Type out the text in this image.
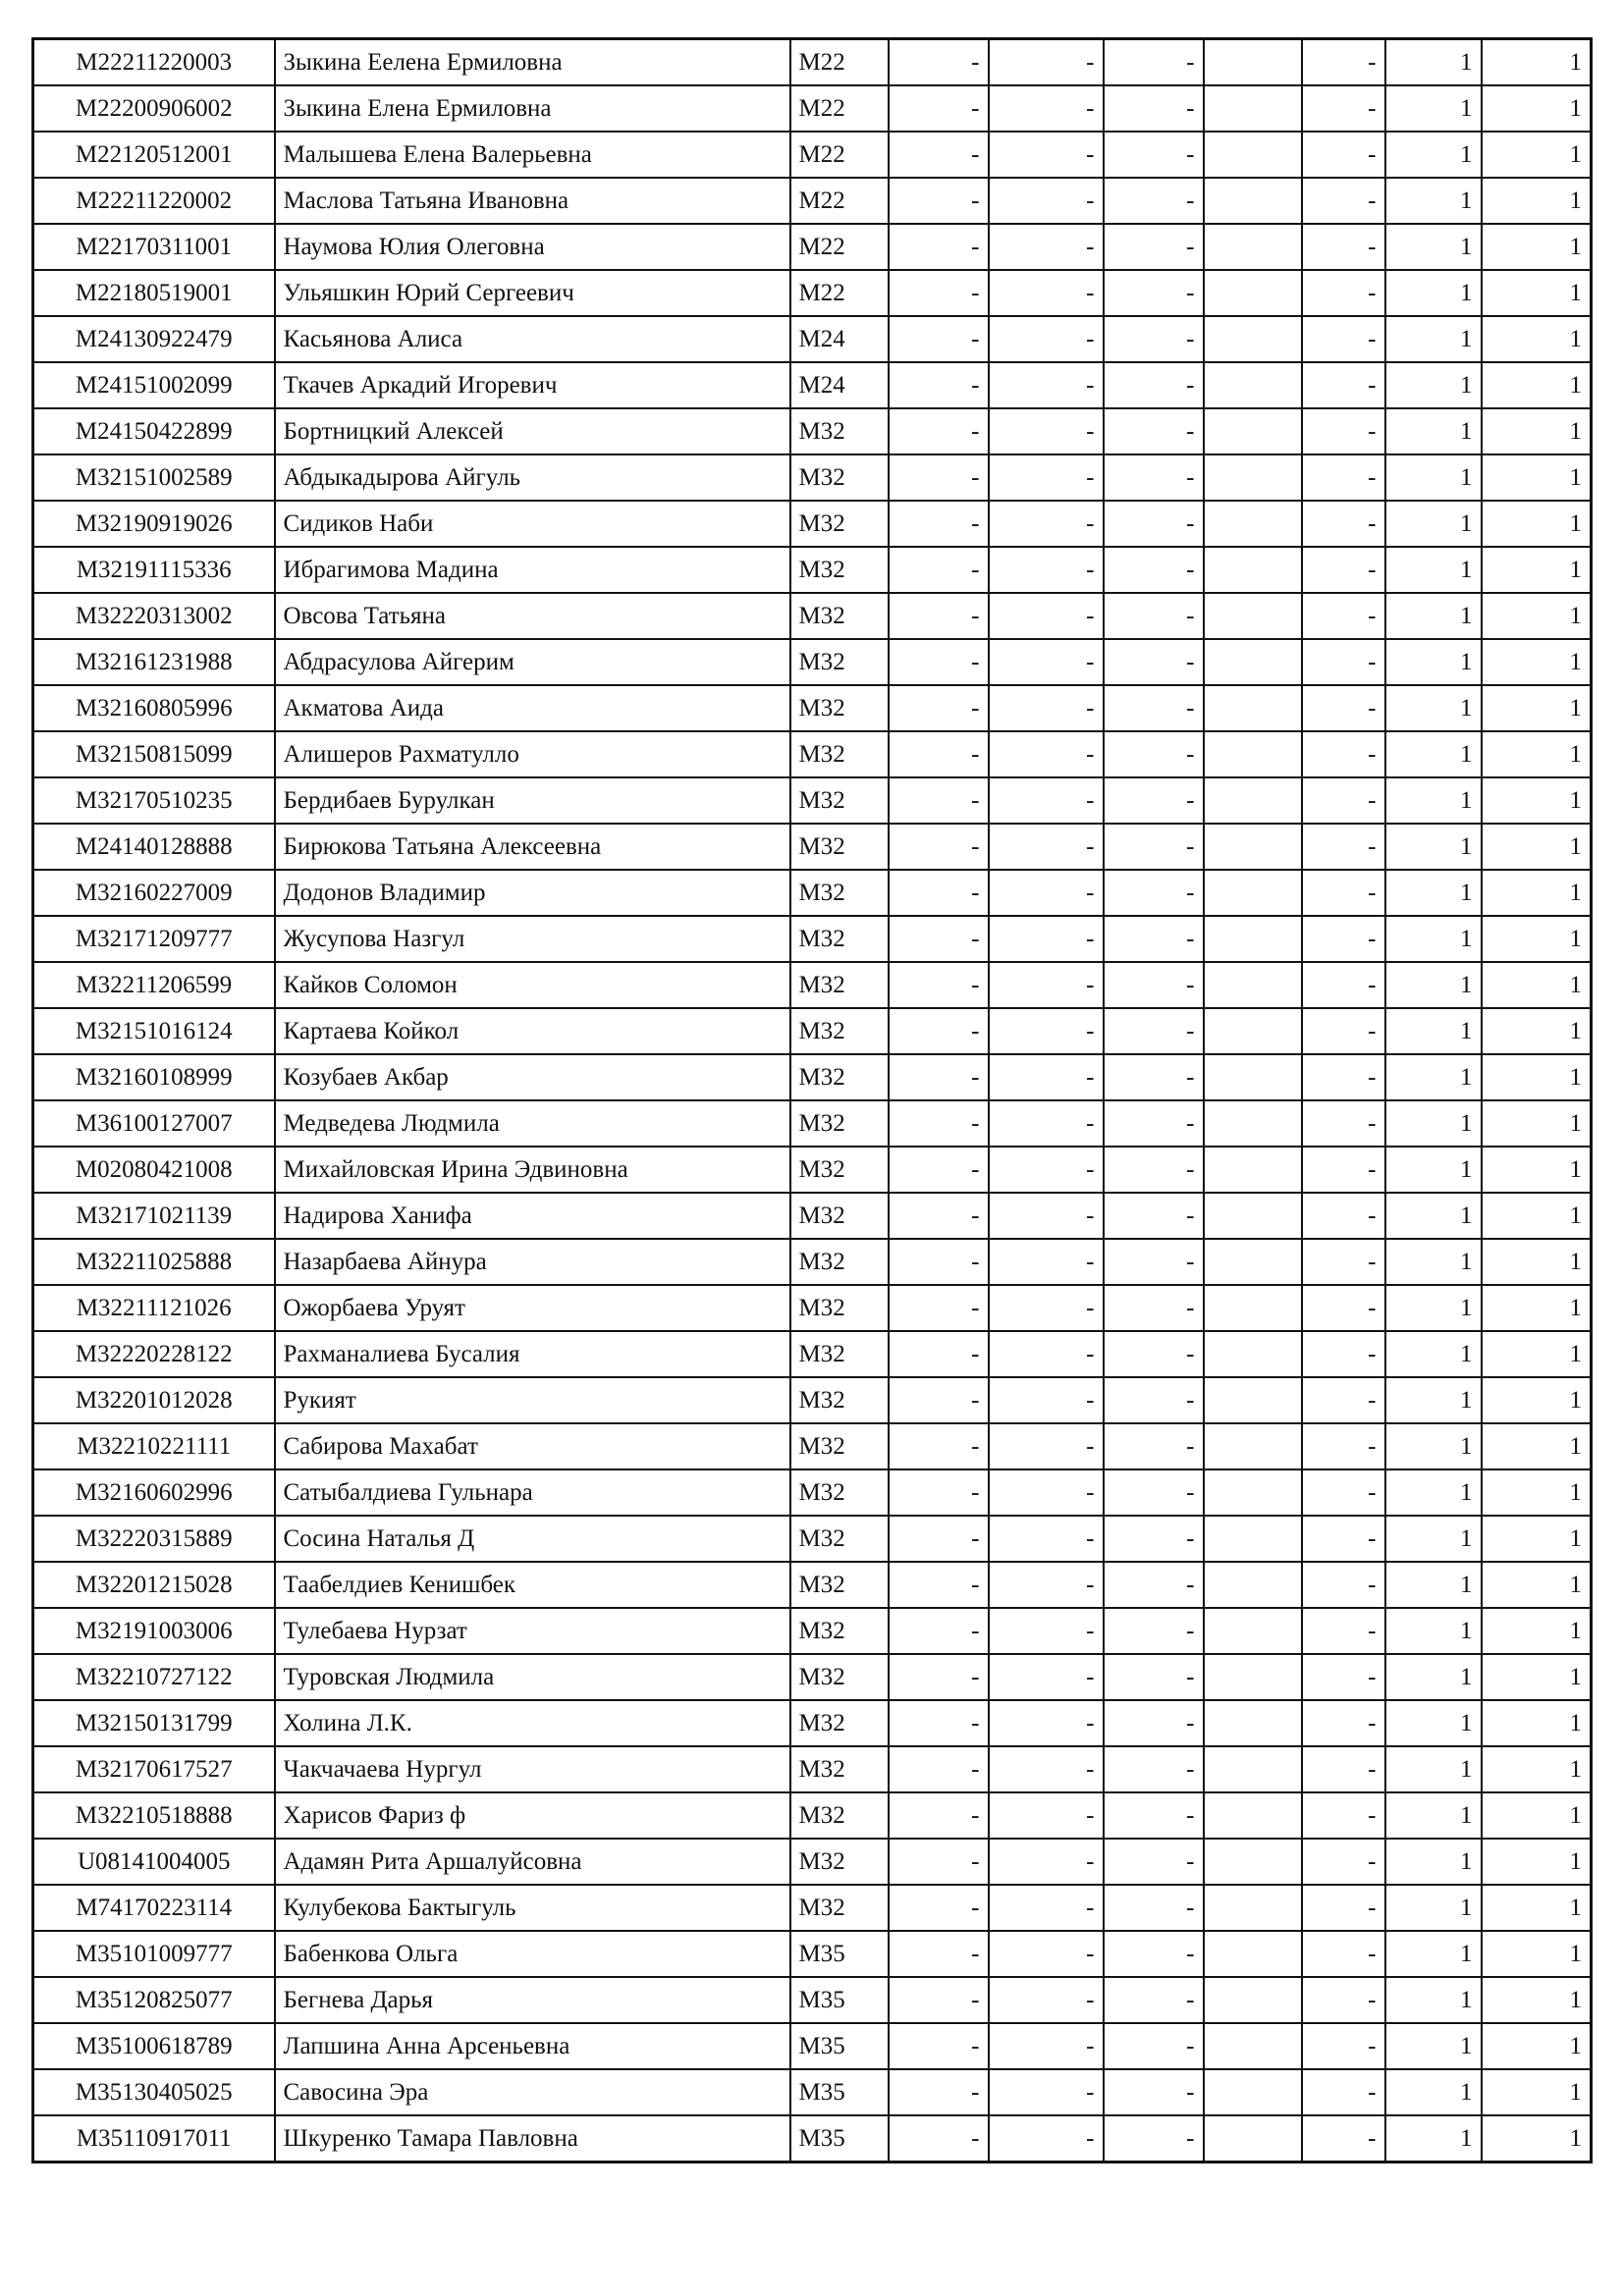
M22211220003	Зыкина Еелена Ермиловна	M22	-	-	-		-	1	1
M22200906002	Зыкина Елена Ермиловна	M22	-	-	-		-	1	1
M22120512001	Малышева Елена Валерьевна	M22	-	-	-		-	1	1
M22211220002	Маслова Татьяна Ивановна	M22	-	-	-		-	1	1
M22170311001	Наумова Юлия Олеговна	M22	-	-	-		-	1	1
M22180519001	Ульяшкин Юрий Сергеевич	M22	-	-	-		-	1	1
M24130922479	Касьянова Алиса	M24	-	-	-		-	1	1
M24151002099	Ткачев Аркадий Игоревич	M24	-	-	-		-	1	1
M24150422899	Бортницкий Алексей	M32	-	-	-		-	1	1
M32151002589	Абдыкадырова Айгуль	M32	-	-	-		-	1	1
M32190919026	Сидиков Наби	M32	-	-	-		-	1	1
M32191115336	Ибрагимова Мадина	M32	-	-	-		-	1	1
M32220313002	Овсова Татьяна	M32	-	-	-		-	1	1
M32161231988	Абдрасулова Айгерим	M32	-	-	-		-	1	1
M32160805996	Акматова Аида	M32	-	-	-		-	1	1
M32150815099	Алишеров Рахматулло	M32	-	-	-		-	1	1
M32170510235	Бердибаев Бурулкан	M32	-	-	-		-	1	1
M24140128888	Бирюкова Татьяна Алексеевна	M32	-	-	-		-	1	1
M32160227009	Додонов Владимир	M32	-	-	-		-	1	1
M32171209777	Жусупова Назгул	M32	-	-	-		-	1	1
M32211206599	Кайков Соломон	M32	-	-	-		-	1	1
M32151016124	Картаева Койкол	M32	-	-	-		-	1	1
M32160108999	Козубаев Акбар	M32	-	-	-		-	1	1
M36100127007	Медведева Людмила	M32	-	-	-		-	1	1
M02080421008	Михайловская Ирина Эдвиновна	M32	-	-	-		-	1	1
M32171021139	Надирова Ханифа	M32	-	-	-		-	1	1
M32211025888	Назарбаева Айнура	M32	-	-	-		-	1	1
M32211121026	Ожорбаева Уруят	M32	-	-	-		-	1	1
M32220228122	Рахманалиева Бусалия	M32	-	-	-		-	1	1
M32201012028	Рукият	M32	-	-	-		-	1	1
M32210221111	Сабирова Махабат	M32	-	-	-		-	1	1
M32160602996	Сатыбалдиева Гульнара	M32	-	-	-		-	1	1
M32220315889	Сосина Наталья Д	M32	-	-	-		-	1	1
M32201215028	Таабелдиев Кенишбек	M32	-	-	-		-	1	1
M32191003006	Тулебаева Нурзат	M32	-	-	-		-	1	1
M32210727122	Туровская Людмила	M32	-	-	-		-	1	1
M32150131799	Холина Л.К.	M32	-	-	-		-	1	1
M32170617527	Чакчачаева Нургул	M32	-	-	-		-	1	1
M32210518888	Харисов Фариз ф	M32	-	-	-		-	1	1
U08141004005	Адамян Рита Аршалуйсовна	M32	-	-	-		-	1	1
M74170223114	Кулубекова Бактыгуль	M32	-	-	-		-	1	1
M35101009777	Бабенкова Ольга	M35	-	-	-		-	1	1
M35120825077	Бегнева Дарья	M35	-	-	-		-	1	1
M35100618789	Лапшина Анна Арсеньевна	M35	-	-	-		-	1	1
M35130405025	Савосина Эра	M35	-	-	-		-	1	1
M35110917011	Шкуренко Тамара Павловна	M35	-	-	-		-	1	1
